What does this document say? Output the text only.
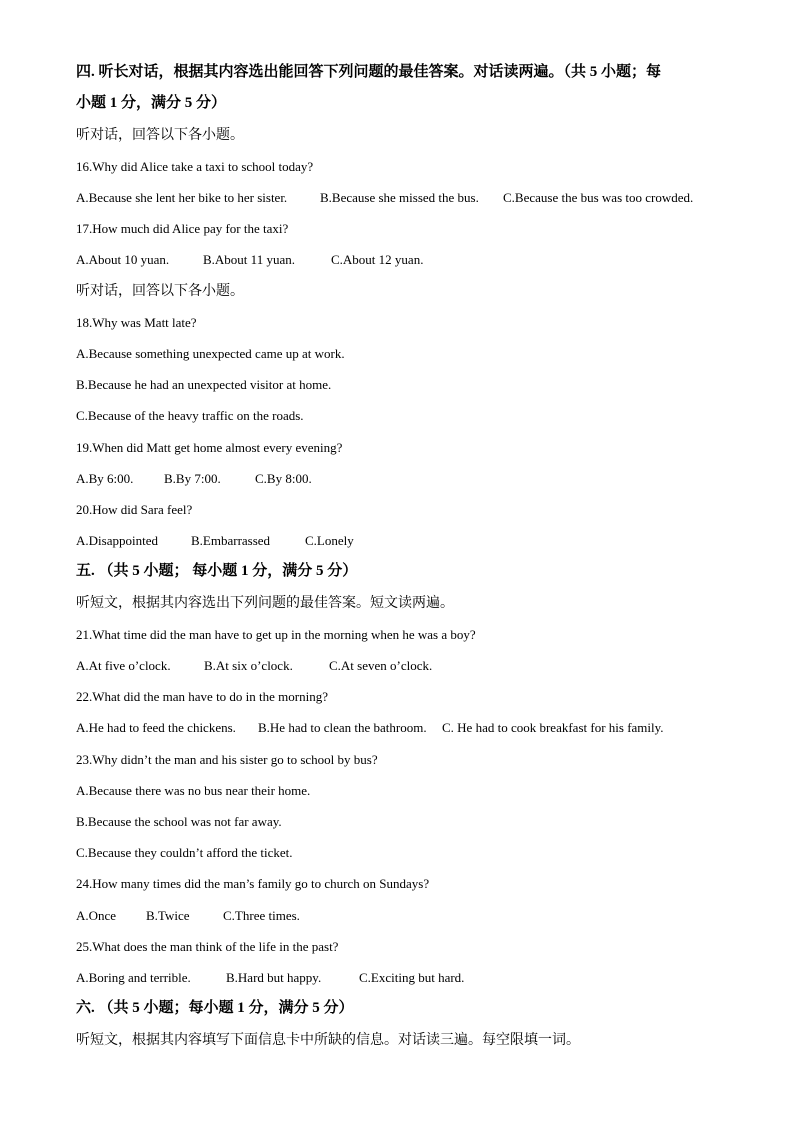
四. 听长对话，根据其内容选出能回答下列问题的最佳答案。对话读两遍。（共 5 小题；每
小题 1 分，满分 5 分）
听对话，回答以下各小题。
16.Why did Alice take a taxi to school today?
A.Because she lent her bike to her sister.	B.Because she missed the bus. C.Because the bus was too crowded.
17.How much did Alice pay for the taxi?
A.About 10 yuan.	B.About 11 yuan.	C.About 12 yuan.
听对话，回答以下各小题。
18.Why was Matt late?
A.Because something unexpected came up at work.
B.Because he had an unexpected visitor at home.
C.Because of the heavy traffic on the roads.
19.When did Matt get home almost every evening?
A.By 6:00. B.By 7:00.	C.By 8:00.
20.How did Sara feel?
A.Disappointed	B.Embarrassed	C.Lonely
五. （共 5 小题； 每小题 1 分，满分 5 分）
听短文，根据其内容选出下列问题的最佳答案。短文读两遍。
21.What time did the man have to get up in the morning when he was a boy?
A.At five o’clock.	B.At six o’clock.	C.At seven o’clock.
22.What did the man have to do in the morning?
A.He had to feed the chickens. B.He had to clean the bathroom. C. He had to cook breakfast for his family.
23.Why didn’t the man and his sister go to school by bus?
A.Because there was no bus near their home.
B.Because the school was not far away.
C.Because they couldn’t afford the ticket.
24.How many times did the man’s family go to church on Sundays?
A.Once B.Twice	C.Three times.
25.What does the man think of the life in the past?
A.Boring and terrible.	B.Hard but happy.	C.Exciting but hard.
六. （共 5 小题；每小题 1 分，满分 5 分）
听短文，根据其内容填写下面信息卡中所缺的信息。对话读三遍。每空限填一词。
